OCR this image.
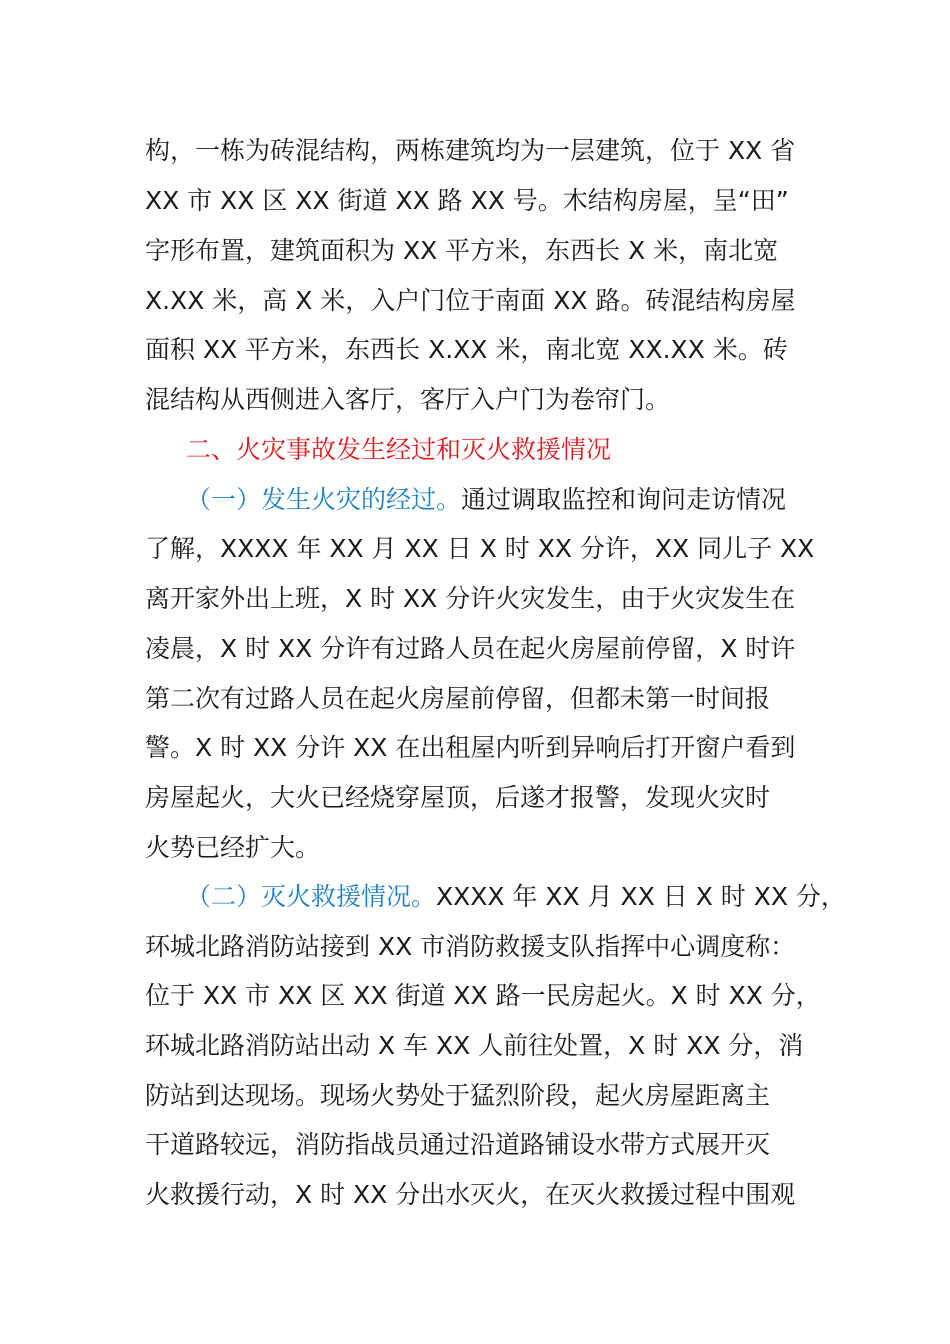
构，一栋为砖混结构，两栋建筑均为一层建筑，位于 XX 省
XX 市 XX 区 XX 街道 XX 路 XX 号。木结构房屋，呈“田”
字形布置，建筑面积为 XX 平方米，东西长 X 米，南北宽
X.XX 米，高 X 米，入户门位于南面 XX 路。砖混结构房屋
面积 XX 平方米，东西长 X.XX 米，南北宽 XX.XX 米。砖
混结构从西侧进入客厅，客厅入户门为卷帘门。
二、火灾事故发生经过和灭火救援情况
（一）发生火灾的经过。通过调取监控和询问走访情况
了解，XXXX 年 XX 月 XX 日 X 时 XX 分许，XX 同儿子 XX
离开家外出上班，X 时 XX 分许火灾发生，由于火灾发生在
凌晨，X 时 XX 分许有过路人员在起火房屋前停留，X 时许
第二次有过路人员在起火房屋前停留，但都未第一时间报
警。X 时 XX 分许 XX 在出租屋内听到异响后打开窗户看到
房屋起火，大火已经烧穿屋顶，后遂才报警，发现火灾时
火势已经扩大。
（二）灭火救援情况。XXXX 年 XX 月 XX 日 X 时 XX 分，
环城北路消防站接到 XX 市消防救援支队指挥中心调度称：
位于 XX 市 XX 区 XX 街道 XX 路一民房起火。X 时 XX 分，
环城北路消防站出动 X 车 XX 人前往处置，X 时 XX 分，消
防站到达现场。现场火势处于猛烈阶段，起火房屋距离主
干道路较远，消防指战员通过沿道路铺设水带方式展开灭
火救援行动，X 时 XX 分出水灭火，在灭火救援过程中围观
